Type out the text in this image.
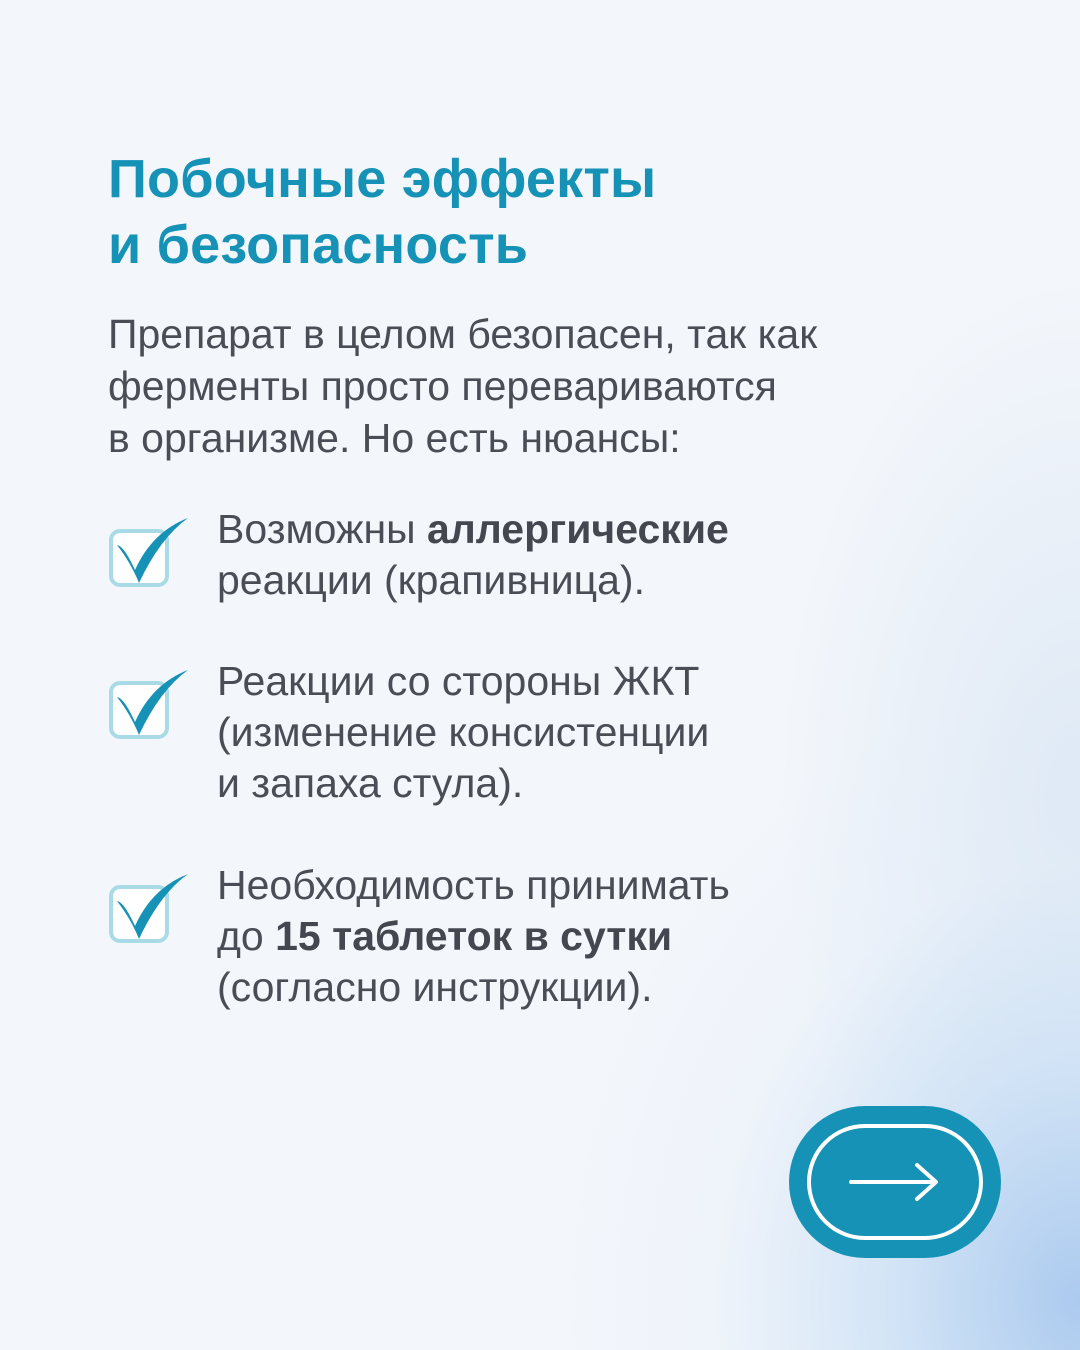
Побочные эффекты
и безопасность

Препарат в целом безопасен, так как
ферменты просто перевариваются
в организме. Но есть нюансы:

Возможны аллергические
реакции (крапивница).

Реакции со стороны ЖКТ
(изменение консистенции
и запаха стула).

Необходимость принимать
до 15 таблеток в сутки
(согласно инструкции).
